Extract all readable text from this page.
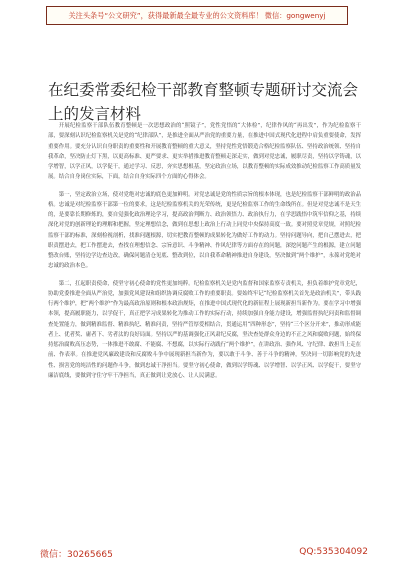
关注头条号“公文研究”，获得最新最全最专业的公文资料库！ 微信：gongwenyj
在纪委常委纪检干部教育整顿专题研讨交流会上的发言材料

开展纪检监察干部队伍教育整顿是一次思想政治的“照镜子”，党性党悟的“大体检”，纪律作风的“再出发”，作为纪检监察干部，要深刻认识纪检监察机关是党的“纪律部队”，是推进全面从严治党的重要力量，在推进中国式现代化进程中肩负重要使命，发挥重要作用。要充分认识自身职责的重要性和开展教育整顿的重大意义，坚持党性党悟锻造合格纪检监察队伍、坚持政治统领、坚持自我革命，坚决防止灯下黑，以更高标准、更严要求、更实举措推进教育整顿走深走实，做到对党忠诚，履职尽责，坚持以学铸魂，以学增智，以学正风，以学促干，通过学习、反思，夯实思想根基，坚定政治立场，以教育整顿的实际成效推动纪检监察工作高质量发展。结合自身岗位实际，下面，结合自身实际四个方面的心得体会。

第一，坚定政治立场，使对党绝对忠诚的底色更加鲜明。对党忠诚是党的性质宗旨的根本体现，也是纪检监察干部鲜明的政治品格。忠诚是对纪检监察干部第一位的要求，这是纪检监察机关的光荣传统，更是纪检监察工作的生命线所在。但是对党忠诚不是天生的，是要靠长期修炼的，要自觉强化政治理论学习，提高政治判断力、政治领悟力、政治执行力，在学思践悟中筑牢信仰之基，持续深化对党的创新理论的理解和把握，坚定理想信念，做到在思想上政治上行动上同党中央保持高度一致。要对照党章党规，对照纪检监察干部的标准，深刻检视剖析，找准问题根源，切实把教育整顿的成果转化为做好工作的动力。坚持问题导向，把自己摆进去，把职责摆进去，把工作摆进去，查找在理想信念、宗旨意识、斗争精神、作风纪律等方面存在的问题，深挖问题产生的根源，建立问题整改台账，坚持边学边查边改，确保问题清仓见底、整改到位，以自我革命精神推进自身建设，坚决做到“两个维护”，永葆对党绝对忠诚的政治本色。

第二，扛起职责使命，使坚守初心使命的党性更加纯粹。纪检监察机关是党内监督和国家监察专责机关，担负着维护党章党纪，协助党委推进全面从严治党，加强党风建设和组织协调反腐败工作的重要职责。要始终牢记“纪检监察机关首先是政治机关”，带头践行两个维护，把“两个维护”作为最高政治原则和根本政治规矩，在推进中国式现代化的新征程上展现新担当新作为。要在学习中增强本领，提高履职能力，以学促干，真正把学习成果转化为推动工作的实际行动，持续加强自身能力建设，增强监督执纪问责和监督调查处置能力，做到精准监督、精准执纪、精准问责，坚持严管厚爱相结合，贯通运用“四种形态”，坚持“三个区分开来”，推动形成能者上、优者奖、庸者下、劣者汰的良好局面。坚持以严的基调强化正风肃纪反腐，坚决查处群众身边的不正之风和腐败问题，始终保持惩治腐败高压态势，一体推进不敢腐、不能腐、不想腐，以实际行动践行“两个维护”，在讲政治、强作风、守纪律、敢担当上走在前、作表率。在推进党风廉政建设和反腐败斗争中展现新担当新作为，要以敢于斗争、善于斗争的精神，坚决同一切影响党的先进性、损害党的纯洁性的问题作斗争，做到忠诚干净担当。要坚守初心使命，做到以学铸魂、以学增智、以学正风、以学促干，要坚守廉洁底线，要做到守住守牢干净担当，真正做到让党放心、让人民满意。

微信：30265665	QQ:535304092
